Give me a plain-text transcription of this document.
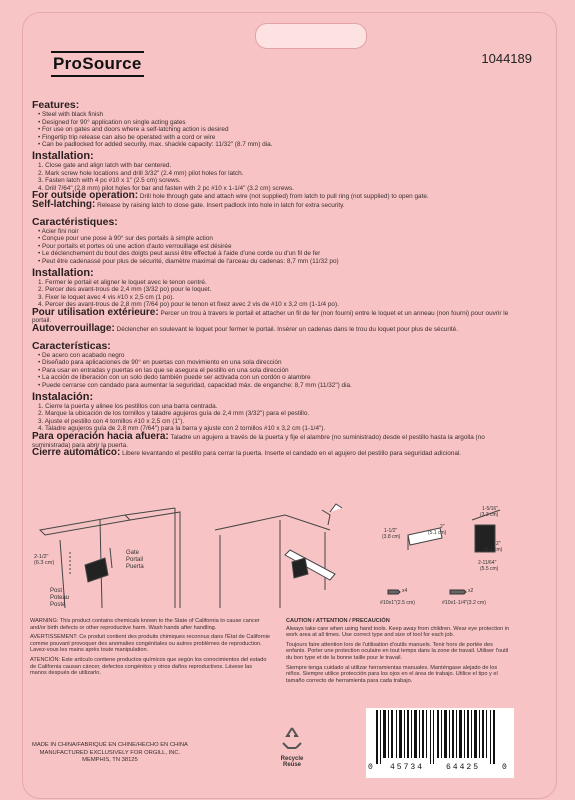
ProSource	1044189
Features:
• Steel with black finish
• Designed for 90° application on single acting gates
• For use on gates and doors where a self-latching action is desired
• Fingertip trip release can also be operated with a cord or wire
• Can be padlocked for added security, max. shackle capacity: 11/32" (8.7 mm) dia.
Installation:
1. Close gate and align latch with bar centered.
2. Mark screw hole locations and drill 3/32" (2.4 mm) pilot holes for latch.
3. Fasten latch with 4 pc #10 x 1" (2.5 cm) screws.
4. Drill 7/64" (2.8 mm) pilot holes for bar and fasten with 2 pc #10 x 1-1/4" (3.2 cm) screws.
For outside operation: Drill hole through gate and attach wire (not supplied) from latch to pull ring (not supplied) to open gate.
Self-latching: Release by raising latch to close gate. Insert padlock into hole in latch for extra security.
Caractéristiques:
• Acier fini noir
• Conçue pour une pose à 90° sur des portails à simple action
• Pour portails et portes où une action d'auto verrouillage est désirée
• Le déclenchement du bout des doigts peut aussi être effectué à l'aide d'une corde ou d'un fil de fer
• Peut être cadenassé pour plus de sécurité, diamètre maximal de l'arceau du cadenas: 8,7 mm (11/32 po)
Installation:
1. Fermer le portail et aligner le loquet avec le tenon centré.
2. Percer des avant-trous de 2,4 mm (3/32 po) pour le loquet.
3. Fixer le loquet avec 4 vis #10 x 2,5 cm (1 po).
4. Percer des avant-trous de 2,8 mm (7/64 po) pour le tenon et fixez avec 2 vis de #10 x 3,2 cm (1-1/4 po).
Pour utilisation extérieure: Percer un trou à travers le portail et attacher un fil de fer (non fourni) entre le loquet et un anneau (non fourni) pour ouvrir le portail.
Autoverrouillage: Déclencher en soulevant le loquet pour fermer le portail. Insérer un cadenas dans le trou du loquet pour plus de sécurité.
Características:
• De acero con acabado negro
• Diseñado para aplicaciones de 90° en puertas con movimiento en una sola dirección
• Para usar en entradas y puertas en las que se asegura el pestillo en una sola dirección
• La acción de liberación con un solo dedo también puede ser activada con un cordón o alambre
• Puede cerrarse con candado para aumentar la seguridad, capacidad máx. de enganche: 8,7 mm (11/32") dia.
Instalación:
1. Cierre la puerta y alinee los pestillos con una barra centrada.
2. Marque la ubicación de los tornillos y taladre agujeros guía de 2,4 mm (3/32") para el pestillo.
3. Ajuste el pestillo con 4 tornillos #10 x 2,5 cm (1").
4. Taladre agujeros guía de 2,8 mm (7/64") para la barra y ajuste con 2 tornillos #10 x 3,2 cm (1-1/4").
Para operación hacia afuera: Taladre un agujero a través de la puerta y fije el alambre (no suministrado) desde el pestillo hasta la argolla (no suministrada) para abrir la puerta.
Cierre automático: Libere levantando el pestillo para cerrar la puerta. Inserte el candado en el agujero del pestillo para seguridad adicional.
2-1/2"
(6.3 cm)
Gate
Portail
Puerta
Post
Poteau
Poste
1-1/2"
(3.8 cm)
2"
(5.1 cm)
1-5/16"
(3.3 cm)
2"
(5.1 cm)
2-11/64"
(5.5 cm)
x4
#10x1"(2.5 cm)
x2
#10x1-1/4"(3.2 cm)
WARNING: This product contains chemicals known to the State of California to cause cancer and/or birth defects or other reproductive harm. Wash hands after handling.
AVERTISSEMENT: Ce produit contient des produits chimiques reconnus dans l'État de Californie comme pouvant provoquer des anomalies congénitales ou autres problèmes de reproduction. Lavez-vous les mains après toute manipulation.
ATENCIÓN: Este artículo contiene productos químicos que según los conocimientos del estado de California causan cáncer, defectos congénitos y otros daños reproductivos. Lávese las manos después de utilizarlo.
CAUTION / ATTENTION / PRECAUCIÓN
Always take care when using hand tools. Keep away from children. Wear eye protection in work area at all times. Use correct type and size of tool for each job.
Toujours faire attention lors de l'utilisation d'outils manuels. Tenir hors de portée des enfants. Porter une protection oculaire en tout temps dans la zone de travail. Utiliser l'outil du bon type et de la bonne taille pour le travail.
Siempre tenga cuidado al utilizar herramientas manuales. Manténgase alejado de los niños. Siempre utilice protección para los ojos en el área de trabajo. Utilice el tipo y el tamaño correcto de herramienta para cada trabajo.
MADE IN CHINA/FABRIQUÉ EN CHINE/HECHO EN CHINA
MANUFACTURED EXCLUSIVELY FOR ORGILL, INC.
MEMPHIS, TN 38125	Recycle
Reuse	0 45734	64425	0
